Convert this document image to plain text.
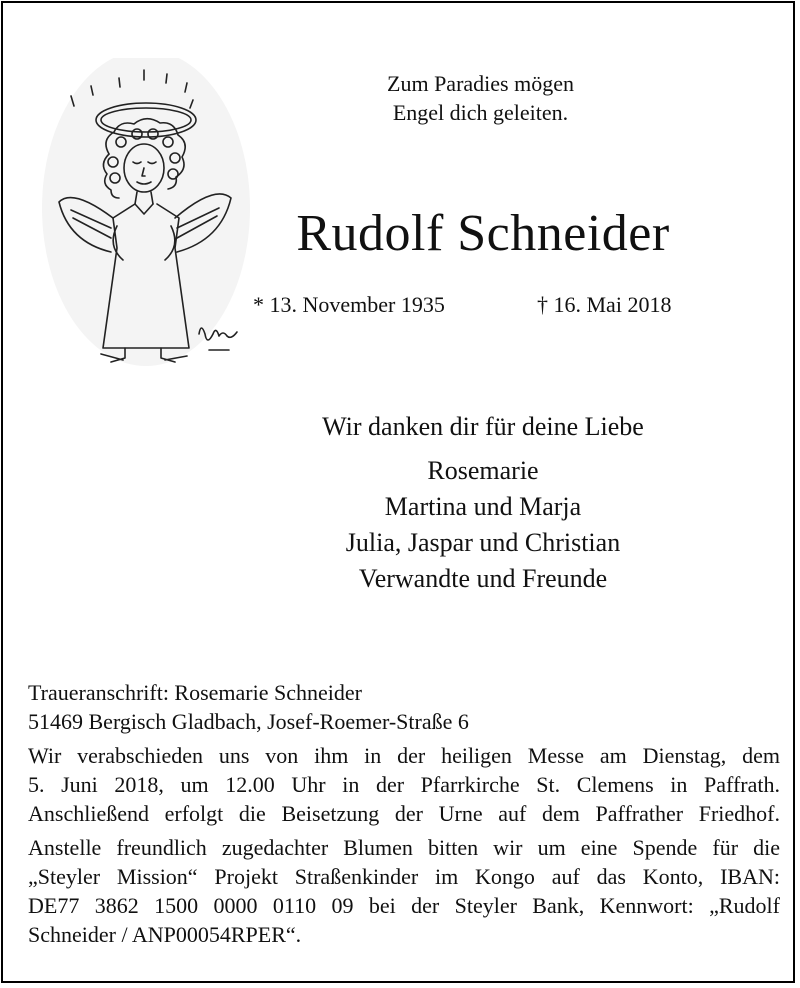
Zum Paradies mögen
Engel dich geleiten.
Rudolf Schneider
* 13. November 1935	† 16. Mai 2018
Wir danken dir für deine Liebe
Rosemarie
Martina und Marja
Julia, Jaspar und Christian
Verwandte und Freunde
Traueranschrift: Rosemarie Schneider
51469 Bergisch Gladbach, Josef-Roemer-Straße 6
Wir verabschieden uns von ihm in der heiligen Messe am Dienstag, dem
5. Juni 2018, um 12.00 Uhr in der Pfarrkirche St. Clemens in Paffrath.
Anschließend erfolgt die Beisetzung der Urne auf dem Paffrather Friedhof.
Anstelle freundlich zugedachter Blumen bitten wir um eine Spende für die
„Steyler Mission“ Projekt Straßenkinder im Kongo auf das Konto, IBAN:
DE77 3862 1500 0000 0110 09 bei der Steyler Bank, Kennwort: „Rudolf
Schneider / ANP00054RPER“.
